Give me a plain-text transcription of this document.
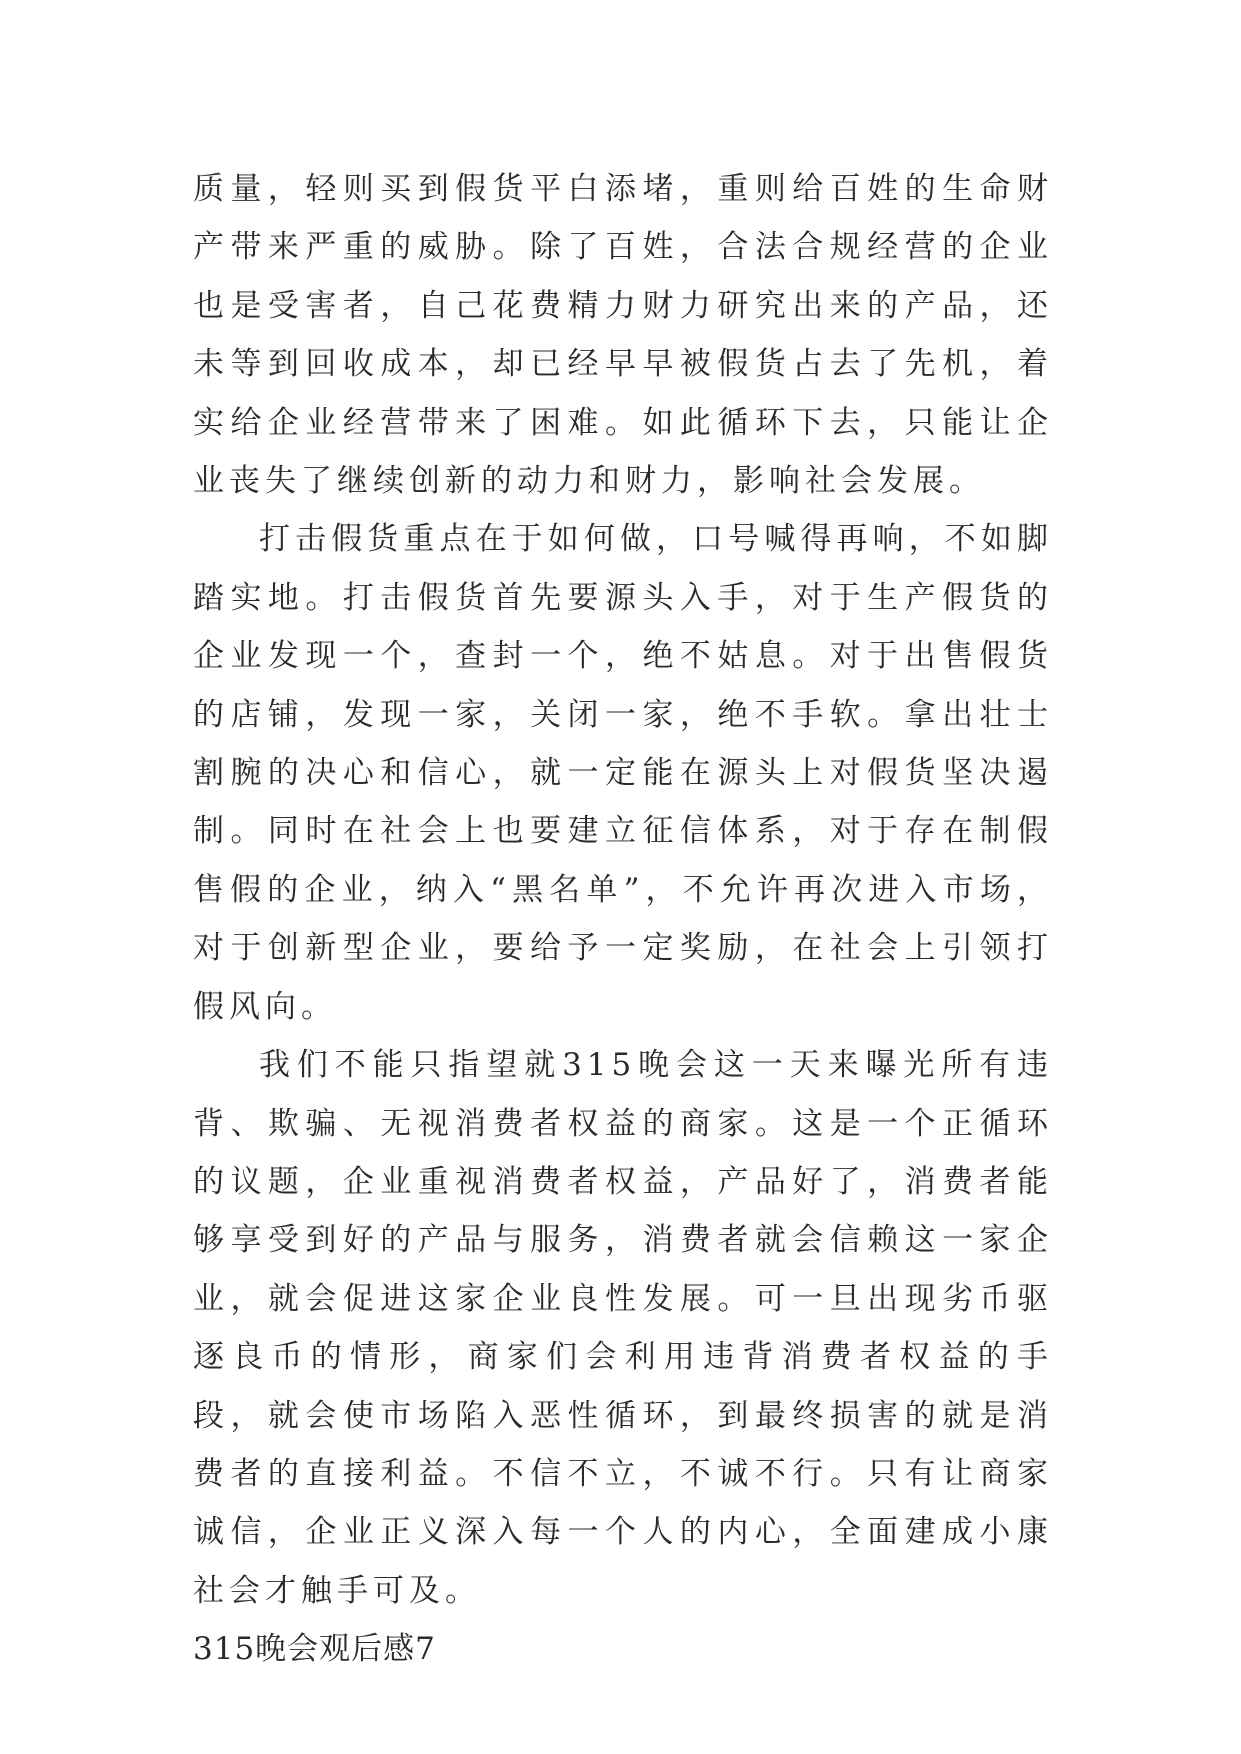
质量，轻则买到假货平白添堵，重则给百姓的生命财产带来严重的威胁。除了百姓，合法合规经营的企业也是受害者，自己花费精力财力研究出来的产品，还未等到回收成本，却已经早早被假货占去了先机，着实给企业经营带来了困难。如此循环下去，只能让企业丧失了继续创新的动力和财力，影响社会发展。

打击假货重点在于如何做，口号喊得再响，不如脚踏实地。打击假货首先要源头入手，对于生产假货的企业发现一个，查封一个，绝不姑息。对于出售假货的店铺，发现一家，关闭一家，绝不手软。拿出壮士割腕的决心和信心，就一定能在源头上对假货坚决遏制。同时在社会上也要建立征信体系，对于存在制假售假的企业，纳入“黑名单”，不允许再次进入市场，对于创新型企业，要给予一定奖励，在社会上引领打假风向。

我们不能只指望就315晚会这一天来曝光所有违背、欺骗、无视消费者权益的商家。这是一个正循环的议题，企业重视消费者权益，产品好了，消费者能够享受到好的产品与服务，消费者就会信赖这一家企业，就会促进这家企业良性发展。可一旦出现劣币驱逐良币的情形，商家们会利用违背消费者权益的手段，就会使市场陷入恶性循环，到最终损害的就是消费者的直接利益。不信不立，不诚不行。只有让商家诚信，企业正义深入每一个人的内心，全面建成小康社会才触手可及。

315晚会观后感7
